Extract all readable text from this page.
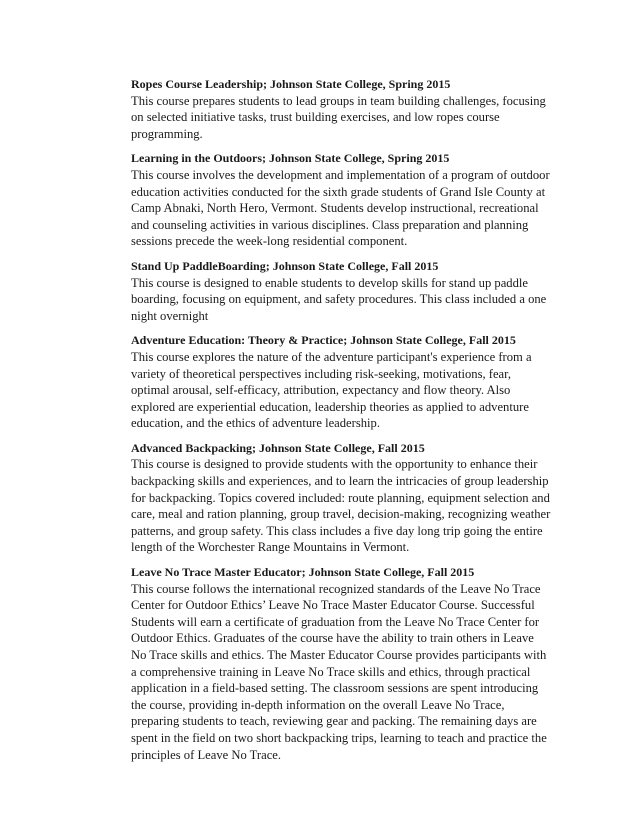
Ropes Course Leadership; Johnson State College, Spring 2015

This course prepares students to lead groups in team building challenges, focusing on selected initiative tasks, trust building exercises, and low ropes course programming.

Learning in the Outdoors; Johnson State College, Spring 2015

This course involves the development and implementation of a program of outdoor education activities conducted for the sixth grade students of Grand Isle County at Camp Abnaki, North Hero, Vermont. Students develop instructional, recreational and counseling activities in various disciplines. Class preparation and planning sessions precede the week-long residential component.

Stand Up PaddleBoarding; Johnson State College, Fall 2015

This course is designed to enable students to develop skills for stand up paddle boarding, focusing on equipment, and safety procedures. This class included a one night overnight

Adventure Education: Theory & Practice; Johnson State College, Fall 2015

This course explores the nature of the adventure participant's experience from a variety of theoretical perspectives including risk-seeking, motivations, fear, optimal arousal, self-efficacy, attribution, expectancy and flow theory. Also explored are experiential education, leadership theories as applied to adventure education, and the ethics of adventure leadership.

Advanced Backpacking; Johnson State College, Fall 2015

This course is designed to provide students with the opportunity to enhance their backpacking skills and experiences, and to learn the intricacies of group leadership for backpacking. Topics covered included: route planning, equipment selection and care, meal and ration planning, group travel, decision-making, recognizing weather patterns, and group safety. This class includes a five day long trip going the entire length of the Worchester Range Mountains in Vermont.

Leave No Trace Master Educator; Johnson State College, Fall 2015

This course follows the international recognized standards of the Leave No Trace Center for Outdoor Ethics’ Leave No Trace Master Educator Course. Successful Students will earn a certificate of graduation from the Leave No Trace Center for Outdoor Ethics. Graduates of the course have the ability to train others in Leave No Trace skills and ethics. The Master Educator Course provides participants with a comprehensive training in Leave No Trace skills and ethics, through practical application in a field-based setting. The classroom sessions are spent introducing the course, providing in-depth information on the overall Leave No Trace, preparing students to teach, reviewing gear and packing. The remaining days are spent in the field on two short backpacking trips, learning to teach and practice the principles of Leave No Trace.
